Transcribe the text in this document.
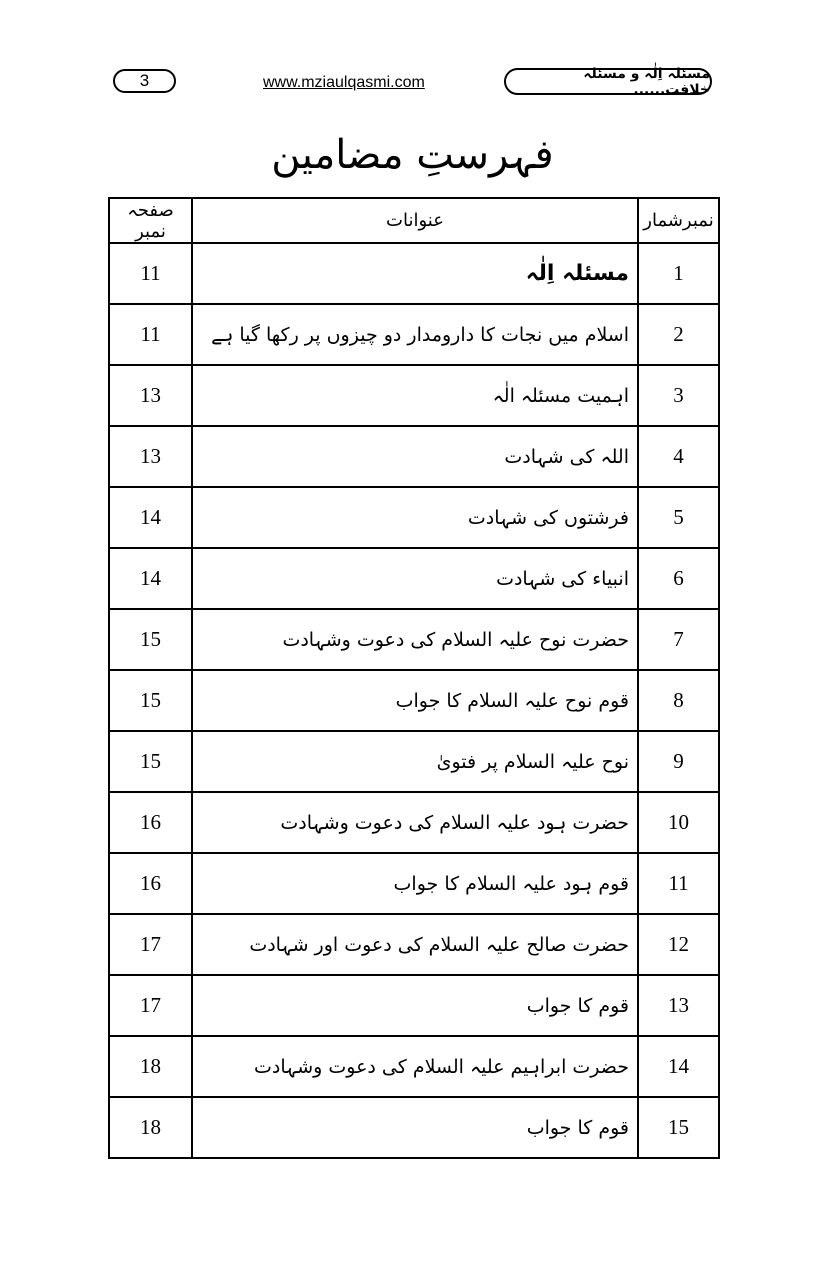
3	www.mziaulqasmi.com
مسئلہ اِلٰہ و مسئلہ خلافت......
فہرستِ مضامین
نمبرشمار	عنوانات	صفحہ نمبر
1	مسئلہ اِلٰہ	11
2	اسلام میں نجات کا دارومدار دو چیزوں پر رکھا گیا ہے	11
3	اہمیت مسئلہ الٰہ	13
4	اللہ کی شہادت	13
5	فرشتوں کی شہادت	14
6	انبیاء کی شہادت	14
7	حضرت نوح علیہ السلام کی دعوت وشہادت	15
8	قوم نوح علیہ السلام کا جواب	15
9	نوح علیہ السلام پر فتویٰ	15
10	حضرت ہود علیہ السلام کی دعوت وشہادت	16
11	قوم ہود علیہ السلام کا جواب	16
12	حضرت صالح علیہ السلام کی دعوت اور شہادت	17
13	قوم کا جواب	17
14	حضرت ابراہیم علیہ السلام کی دعوت وشہادت	18
15	قوم کا جواب	18
